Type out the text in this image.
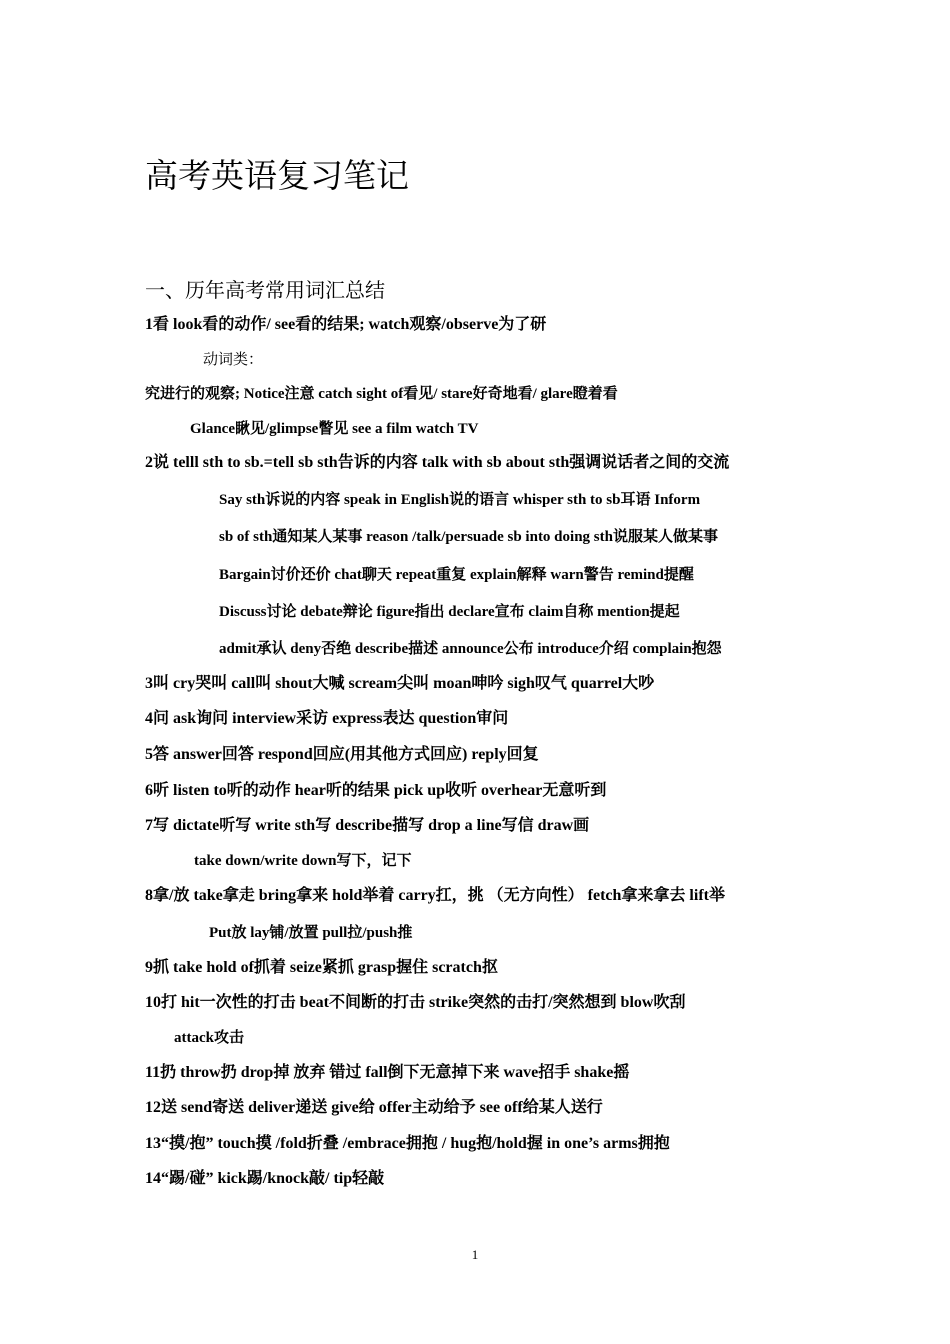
高考英语复习笔记
一、历年高考常用词汇总结
1看 look看的动作/ see看的结果; watch观察/observe为了研
动词类：
究进行的观察; Notice注意 catch sight of看见/ stare好奇地看/ glare瞪着看
Glance瞅见/glimpse瞥见 see a film watch TV
2说 telll sth to sb.=tell sb sth告诉的内容 talk with sb about sth强调说话者之间的交流
Say sth诉说的内容 speak in English说的语言 whisper sth to sb耳语 Inform
sb of sth通知某人某事 reason /talk/persuade sb into doing sth说服某人做某事
Bargain讨价还价 chat聊天 repeat重复 explain解释 warn警告 remind提醒
Discuss讨论 debate辩论 figure指出 declare宣布 claim自称 mention提起
admit承认 deny否绝 describe描述 announce公布 introduce介绍 complain抱怨
3叫 cry哭叫 call叫 shout大喊 scream尖叫 moan呻吟 sigh叹气 quarrel大吵
4问 ask询问 interview采访 express表达 question审问
5答 answer回答 respond回应(用其他方式回应) reply回复
6听 listen to听的动作 hear听的结果 pick up收听 overhear无意听到
7写 dictate听写 write sth写 describe描写 drop a line写信 draw画
take down/write down写下，记下
8拿/放 take拿走 bring拿来 hold举着 carry扛，挑 （无方向性） fetch拿来拿去 lift举
Put放 lay铺/放置 pull拉/push推
9抓 take hold of抓着 seize紧抓 grasp握住 scratch抠
10打 hit一次性的打击 beat不间断的打击 strike突然的击打/突然想到 blow吹刮
attack攻击
11扔 throw扔 drop掉 放弃 错过 fall倒下无意掉下来 wave招手 shake摇
12送 send寄送 deliver递送 give给 offer主动给予 see off给某人送行
13“摸/抱” touch摸 /fold折叠 /embrace拥抱 / hug抱/hold握 in one’s arms拥抱
14“踢/碰” kick踢/knock敲/ tip轻敲
1
